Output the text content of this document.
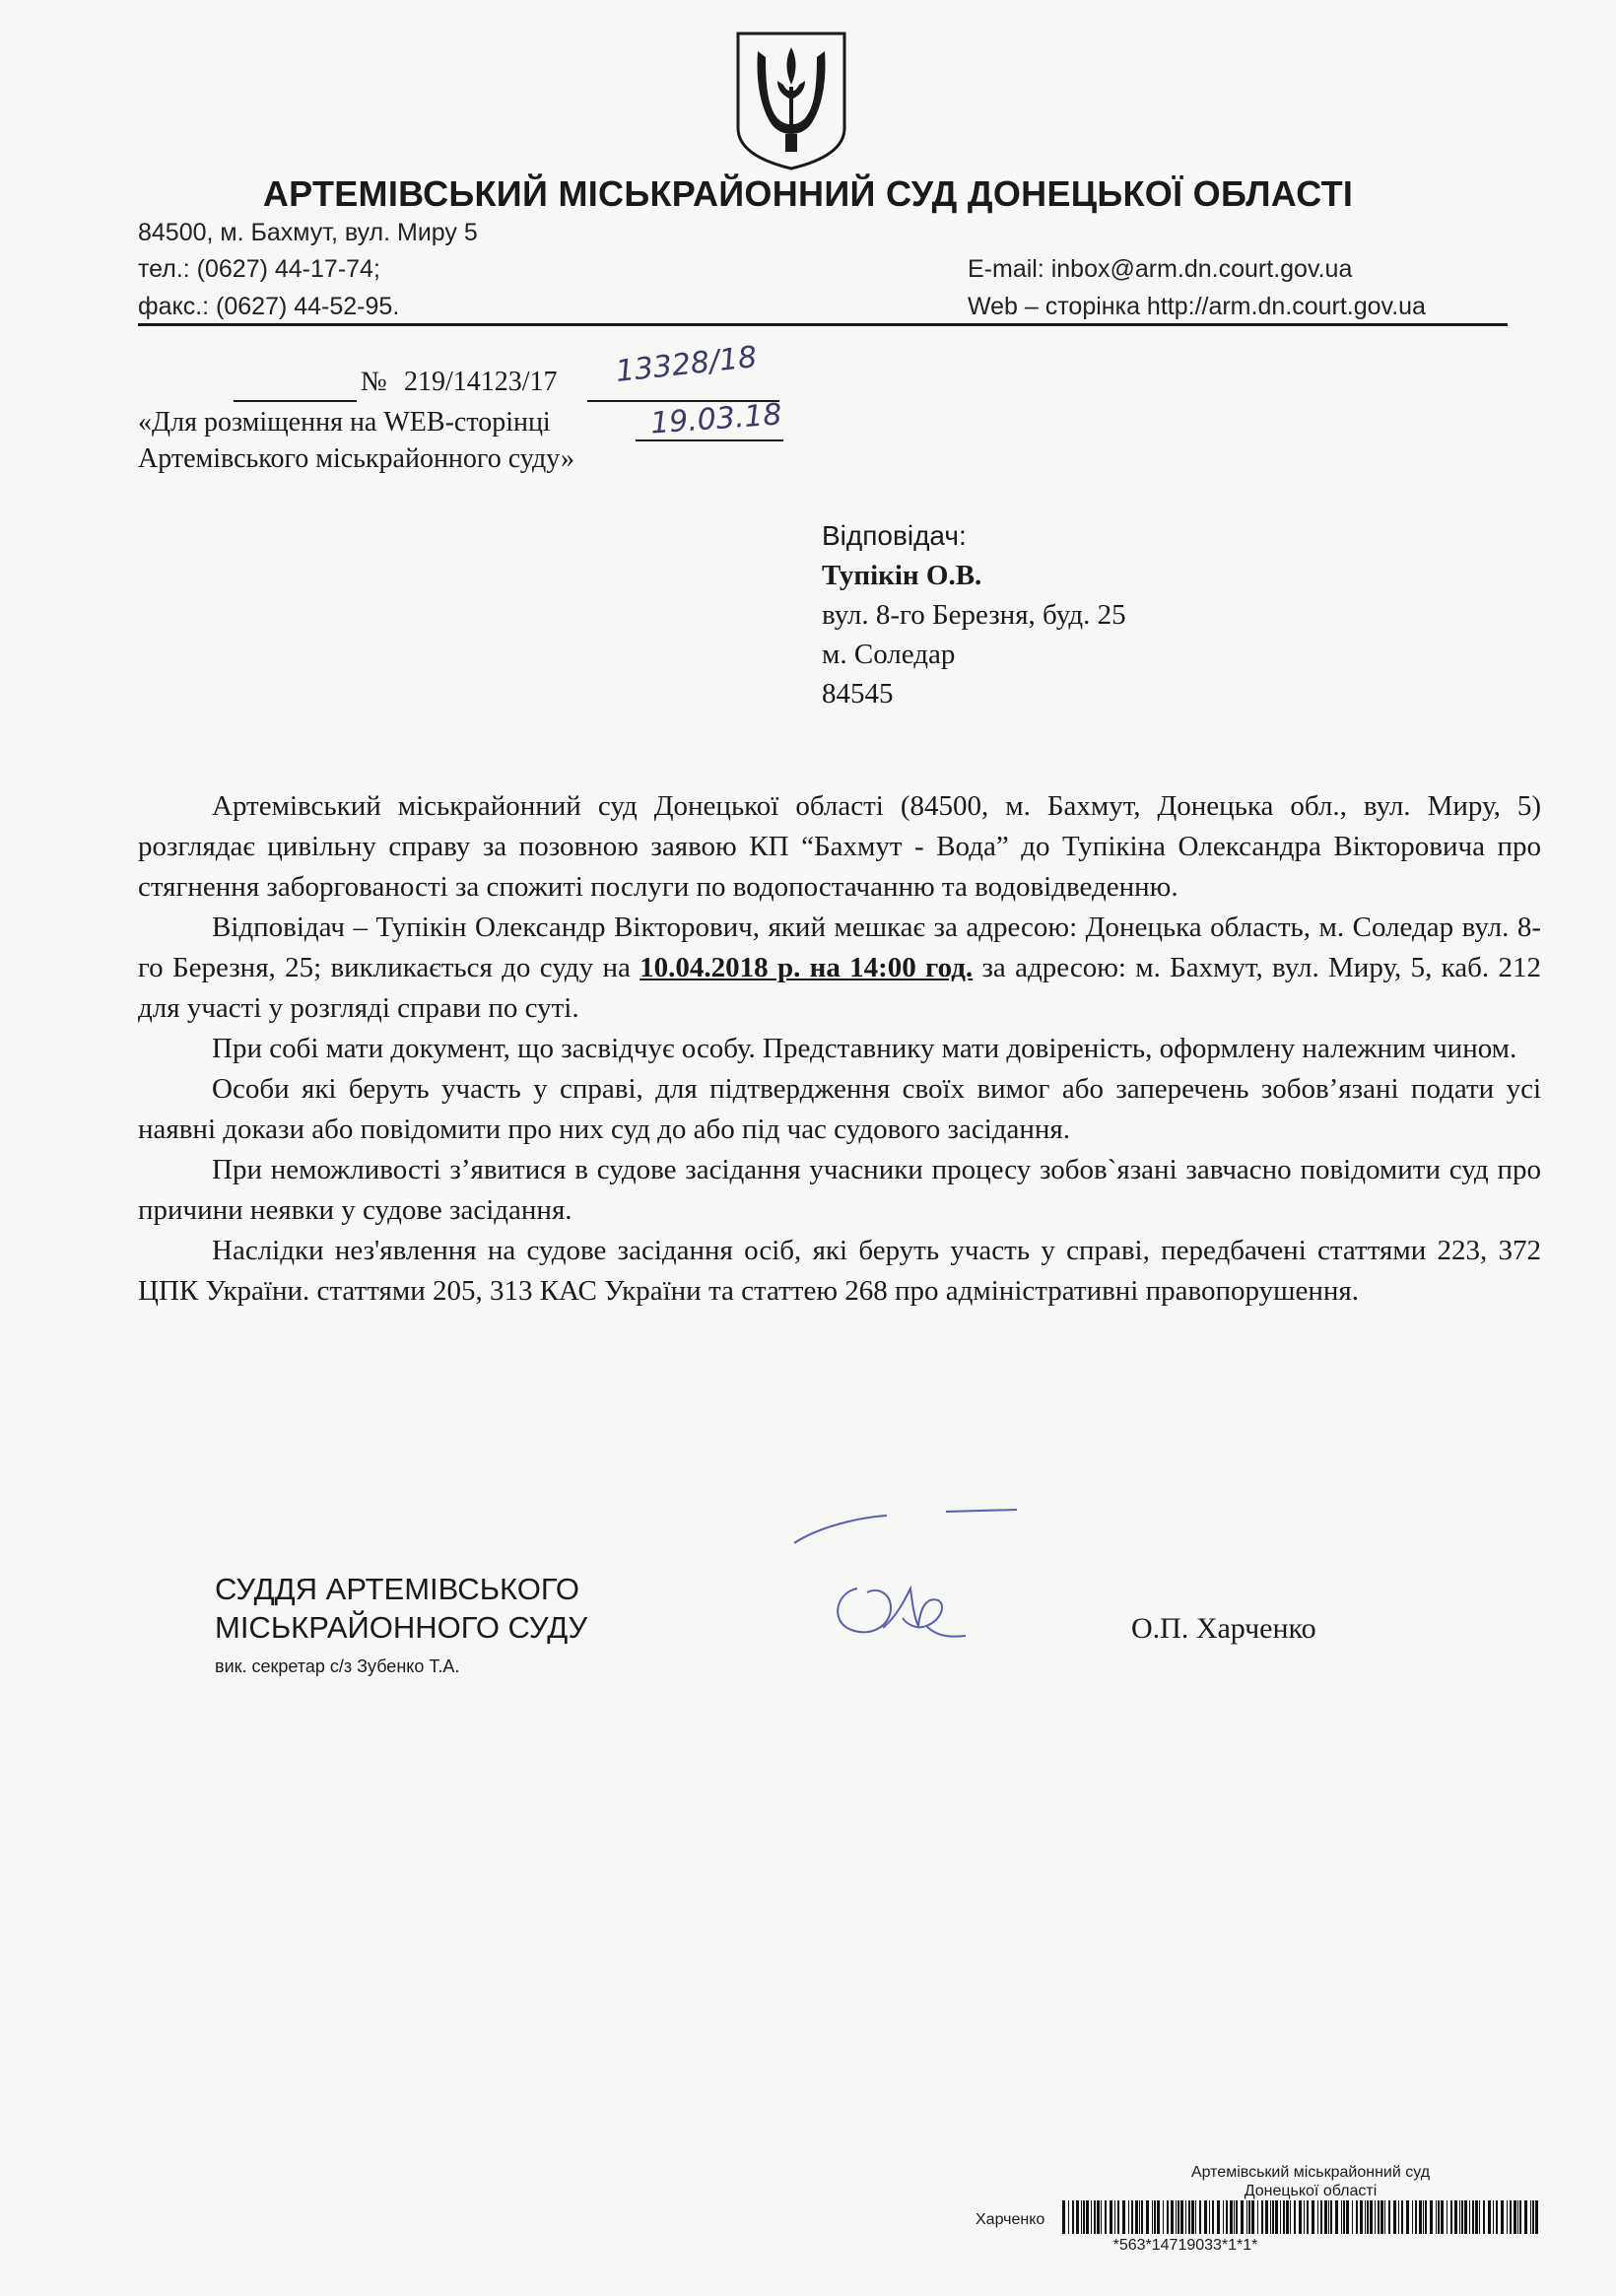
АРТЕМІВСЬКИЙ МІСЬКРАЙОННИЙ СУД ДОНЕЦЬКОЇ ОБЛАСТІ
84500, м. Бахмут, вул. Миру 5
тел.: (0627) 44-17-74;
факс.: (0627) 44-52-95.
E-mail: inbox@arm.dn.court.gov.ua
Web – сторінка http://arm.dn.court.gov.ua
№ 219/14123/17 13328/18
«Для розміщення на WEB-сторінці	19.03.18
Артемівського міськрайонного суду»
Відповідач:
Тупікін О.В.
вул. 8-го Березня, буд. 25
м. Соледар
84545

Артемівський міськрайонний суд Донецької області (84500, м. Бахмут, Донецька обл., вул. Миру, 5) розглядає цивільну справу за позовною заявою КП “Бахмут - Вода” до Тупікіна Олександра Вікторовича про стягнення заборгованості за спожиті послуги по водопостачанню та водовідведенню.

Відповідач – Тупікін Олександр Вікторович, який мешкає за адресою: Донецька область, м. Соледар вул. 8-го Березня, 25; викликається до суду на 10.04.2018 р. на 14:00 год. за адресою: м. Бахмут, вул. Миру, 5, каб. 212 для участі у розгляді справи по суті.

При собі мати документ, що засвідчує особу. Представнику мати довіреність, оформлену належним чином.

Особи які беруть участь у справі, для підтвердження своїх вимог або заперечень зобов’язані подати усі наявні докази або повідомити про них суд до або під час судового засідання.

При неможливості з’явитися в судове засідання учасники процесу зобов`язані завчасно повідомити суд про причини неявки у судове засідання.

Наслідки нез'явлення на судове засідання осіб, які беруть участь у справі, передбачені статтями 223, 372 ЦПК України. статтями 205, 313 КАС України та статтею 268 про адміністративні правопорушення.

СУДДЯ АРТЕМІВСЬКОГО
МІСЬКРАЙОННОГО СУДУ
вик. секретар с/з Зубенко Т.А.
О.П. Харченко
Артемівський міськрайонний суд
Донецької області
Харченко
*563*14719033*1*1*
